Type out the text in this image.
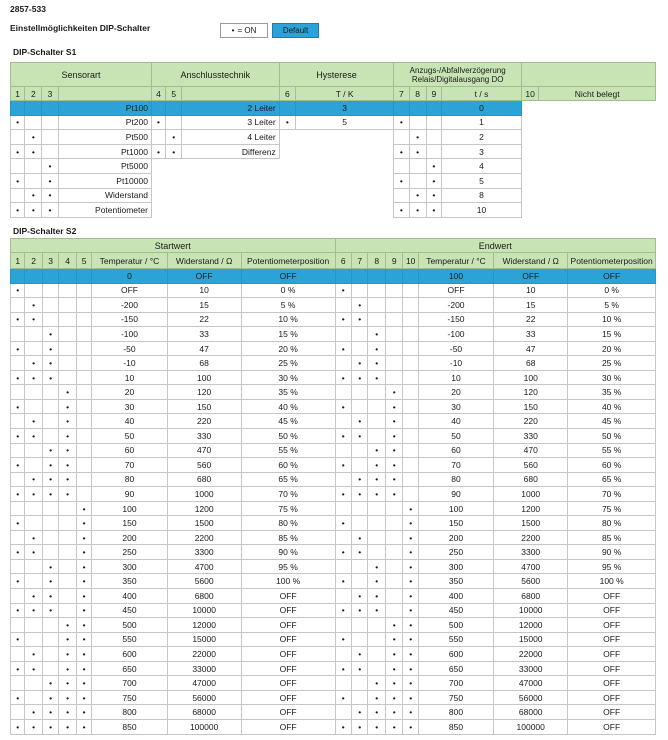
2857-533
Einstellmöglichkeiten DIP-Schalter	• = ON	Default
DIP-Schalter S1
Sensorart				Anschlusstechnik			Hysterese		Anzugs-/Abfallverzögerung
Relais/Digitalausgang DO					
1	2	3		4	5		6	T / K	7	8	9	t / s	10	Nicht belegt
			Pt100			2 Leiter		3				0		
•			Pt200	•		3 Leiter	•	5	•			1		
	•		Pt500		•	4 Leiter				•		2		
•	•		Pt1000	•	•	Differenz			•	•		3		
		•	Pt5000								•	4		
•		•	Pt10000						•		•	5		
	•	•	Widerstand							•	•	8		
•	•	•	Potentiometer						•	•	•	10		
DIP-Schalter S2
Startwert								Endwert							
1	2	3	4	5	Temperatur / °C	Widerstand / Ω	Potentiometerposition	6	7	8	9	10	Temperatur / °C	Widerstand / Ω	Potentiometerposition
					0	OFF	OFF						100	OFF	OFF
•					OFF	10	0 %	•					OFF	10	0 %
	•				-200	15	5 %		•				-200	15	5 %
•	•				-150	22	10 %	•	•				-150	22	10 %
		•			-100	33	15 %			•			-100	33	15 %
•		•			-50	47	20 %	•		•			-50	47	20 %
	•	•			-10	68	25 %		•	•			-10	68	25 %
•	•	•			10	100	30 %	•	•	•			10	100	30 %
			•		20	120	35 %				•		20	120	35 %
•			•		30	150	40 %	•			•		30	150	40 %
	•		•		40	220	45 %		•		•		40	220	45 %
•	•		•		50	330	50 %	•	•		•		50	330	50 %
		•	•		60	470	55 %			•	•		60	470	55 %
•		•	•		70	560	60 %	•		•	•		70	560	60 %
	•	•	•		80	680	65 %		•	•	•		80	680	65 %
•	•	•	•		90	1000	70 %	•	•	•	•		90	1000	70 %
				•	100	1200	75 %					•	100	1200	75 %
•				•	150	1500	80 %	•				•	150	1500	80 %
	•			•	200	2200	85 %		•			•	200	2200	85 %
•	•			•	250	3300	90 %	•	•			•	250	3300	90 %
		•		•	300	4700	95 %			•		•	300	4700	95 %
•		•		•	350	5600	100 %	•		•		•	350	5600	100 %
	•	•		•	400	6800	OFF		•	•		•	400	6800	OFF
•	•	•		•	450	10000	OFF	•	•	•		•	450	10000	OFF
			•	•	500	12000	OFF				•	•	500	12000	OFF
•			•	•	550	15000	OFF	•			•	•	550	15000	OFF
	•		•	•	600	22000	OFF		•		•	•	600	22000	OFF
•	•		•	•	650	33000	OFF	•	•		•	•	650	33000	OFF
		•	•	•	700	47000	OFF			•	•	•	700	47000	OFF
•		•	•	•	750	56000	OFF	•		•	•	•	750	56000	OFF
	•	•	•	•	800	68000	OFF		•	•	•	•	800	68000	OFF
•	•	•	•	•	850	100000	OFF	•	•	•	•	•	850	100000	OFF
